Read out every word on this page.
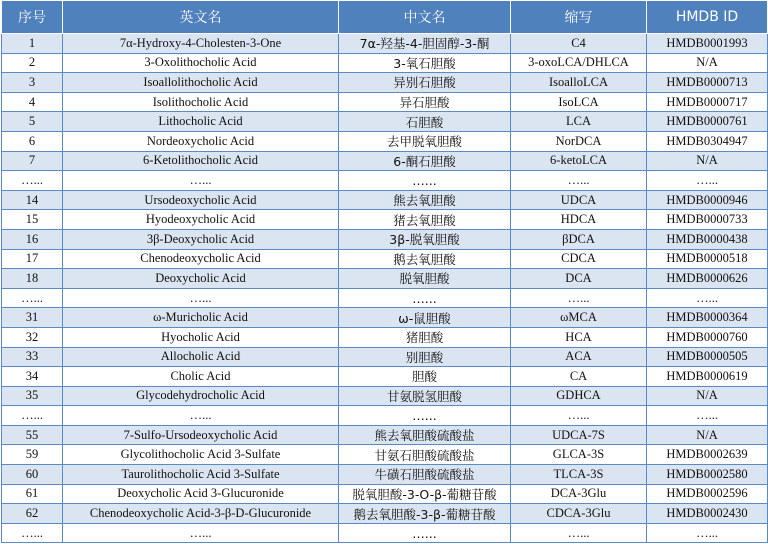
序号	英文名	中文名	缩写	HMDB ID
1	7α-Hydroxy-4-Cholesten-3-One	7α-羟基-4-胆固醇-3-酮	C4	HMDB0001993
2	3-Oxolithocholic Acid	3-氧石胆酸	3-oxoLCA/DHLCA	N/A
3	Isoallolithocholic Acid	异别石胆酸	IsoalloLCA	HMDB0000713
4	Isolithocholic Acid	异石胆酸	IsoLCA	HMDB0000717
5	Lithocholic Acid	石胆酸	LCA	HMDB0000761
6	Nordeoxycholic Acid	去甲脱氧胆酸	NorDCA	HMDB0304947
7	6-Ketolithocholic Acid	6-酮石胆酸	6-ketoLCA	N/A
…...	…...	…...	…...	…...
14	Ursodeoxycholic Acid	熊去氧胆酸	UDCA	HMDB0000946
15	Hyodeoxycholic Acid	猪去氧胆酸	HDCA	HMDB0000733
16	3β-Deoxycholic Acid	3β-脱氧胆酸	βDCA	HMDB0000438
17	Chenodeoxycholic Acid	鹅去氧胆酸	CDCA	HMDB0000518
18	Deoxycholic Acid	脱氧胆酸	DCA	HMDB0000626
…...	…...	…...	…...	…...
31	ω-Muricholic Acid	ω-鼠胆酸	ωMCA	HMDB0000364
32	Hyocholic Acid	猪胆酸	HCA	HMDB0000760
33	Allocholic Acid	别胆酸	ACA	HMDB0000505
34	Cholic Acid	胆酸	CA	HMDB0000619
35	Glycodehydrocholic Acid	甘氨脱氢胆酸	GDHCA	N/A
…...	…...	…...	…...	…...
55	7-Sulfo-Ursodeoxycholic Acid	熊去氧胆酸硫酸盐	UDCA-7S	N/A
59	Glycolithocholic Acid 3-Sulfate	甘氨石胆酸硫酸盐	GLCA-3S	HMDB0002639
60	Taurolithocholic Acid 3-Sulfate	牛磺石胆酸硫酸盐	TLCA-3S	HMDB0002580
61	Deoxycholic Acid 3-Glucuronide	脱氧胆酸-3-O-β-葡糖苷酸	DCA-3Glu	HMDB0002596
62	Chenodeoxycholic Acid-3-β-D-Glucuronide	鹅去氧胆酸-3-β-葡糖苷酸	CDCA-3Glu	HMDB0002430
…...	…...	…...	…...	…...
